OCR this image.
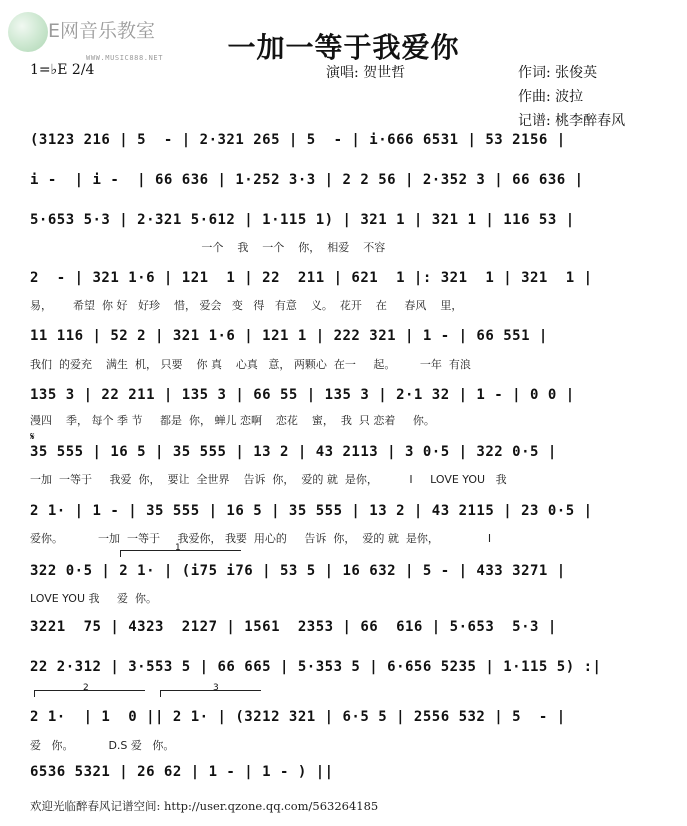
E网音乐教室
WWW.MUSIC888.NET	一加一等于我爱你
1=♭E 2/4	演唱: 贺世哲	作词: 张俊英
作曲: 波拉
记谱: 桃李醉春风
(3123 216 | 5  - | 2·321 265 | 5  - | i·666 6531 | 53 2156 |
i -  | i -  | 66 636 | 1·252 3·3 | 2 2 56 | 2·352 3 | 66 636 |
5·653 5·3 | 2·321 5·612 | 1·115 1) | 321 1 | 321 1 | 116 53 |
一个    我    一个    你，  相爱    不容
2  - | 321 1·6 | 121  1 | 22  211 | 621  1 |: 321  1 | 321  1 |
易，      希望  你 好   好珍    惜， 爱会   变   得   有意    义。  花开    在     春风    里，
11 116 | 52 2 | 321 1·6 | 121 1 | 222 321 | 1 - | 66 551 |
我们  的爱充    满生  机， 只要    你 真    心真   意， 两颗心  在一     起。       一年  有浪
135 3 | 22 211 | 135 3 | 66 55 | 135 3 | 2·1 32 | 1 - | 0 0 |
漫四    季， 每个 季 节     都是  你， 蝉儿 恋啊    恋花    蜜，  我  只 恋着     你。
𝄋
35 555 | 16 5 | 35 555 | 13 2 | 43 2113 | 3 0·5 | 322 0·5 |
一加  一等于     我爱  你，  要让  全世界    告诉  你，  爱的 就  是你，         I     LOVE YOU   我
2 1· | 1 - | 35 555 | 16 5 | 35 555 | 13 2 | 43 2115 | 23 0·5 |
爱你。          一加  一等于     我爱你， 我要  用心的     告诉  你，  爱的 就  是你，              I
1
322 0·5 | 2 1· | (i75 i76 | 53 5 | 16 632 | 5 - | 433 3271 |
LOVE YOU 我     爱  你。
3221  75 | 4323  2127 | 1561  2353 | 66  616 | 5·653  5·3 |
22 2·312 | 3·553 5 | 66 665 | 5·353 5 | 6·656 5235 | 1·115 5) :|
2	3
2 1·  | 1  0 || 2 1· | (3212 321 | 6·5 5 | 2556 532 | 5  - |
爱   你。          D.S 爱   你。
6536 5321 | 26 62 | 1 - | 1 - ) ||
欢迎光临醉春风记谱空间: http://user.qzone.qq.com/563264185
